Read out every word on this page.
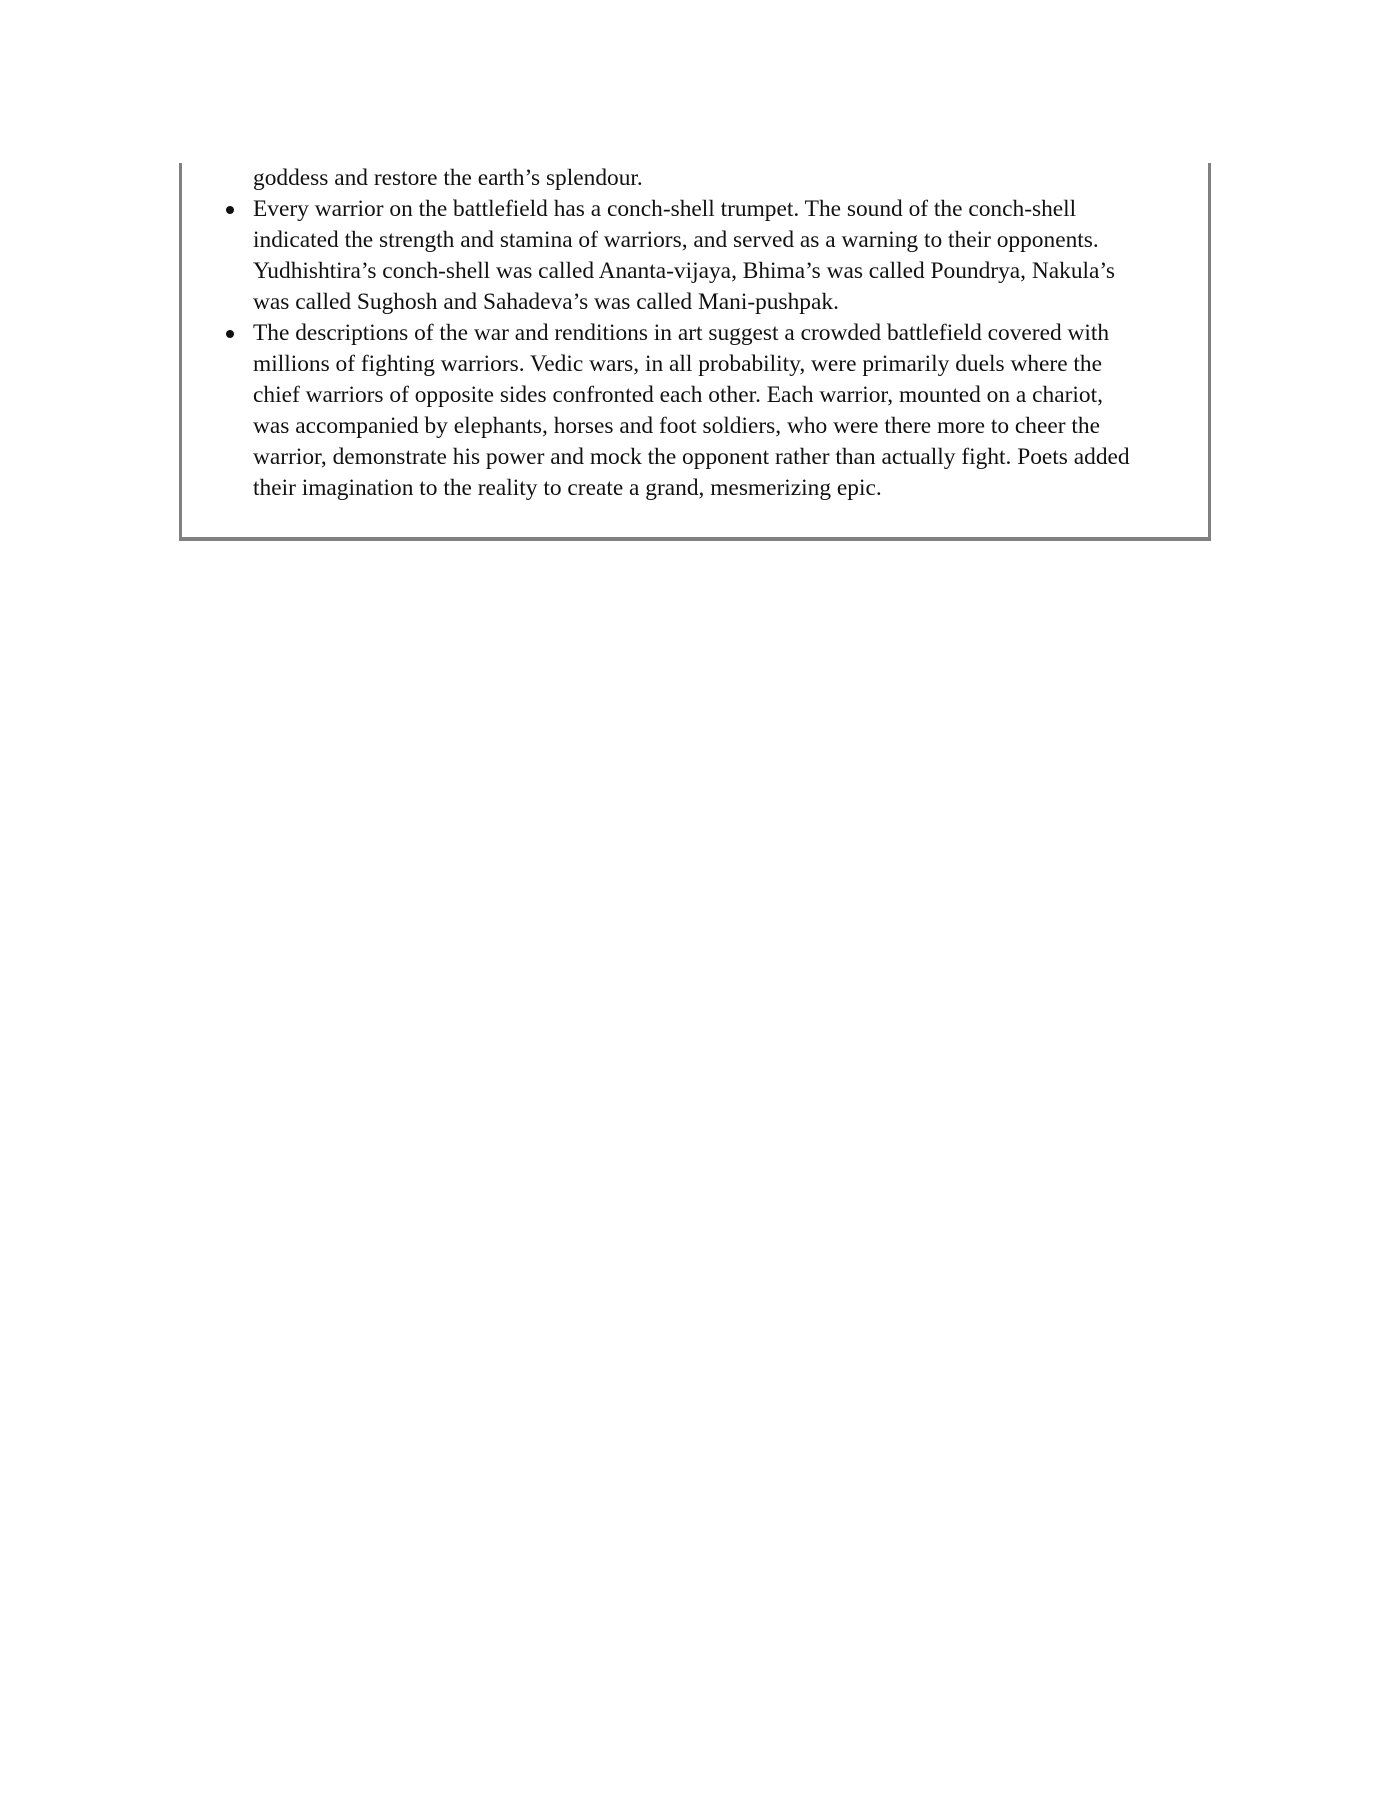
goddess and restore the earth’s splendour.

Every warrior on the battlefield has a conch-shell trumpet. The sound of the conch-shell
indicated the strength and stamina of warriors, and served as a warning to their opponents.
Yudhishtira’s conch-shell was called Ananta-vijaya, Bhima’s was called Poundrya, Nakula’s
was called Sughosh and Sahadeva’s was called Mani-pushpak.
The descriptions of the war and renditions in art suggest a crowded battlefield covered with
millions of fighting warriors. Vedic wars, in all probability, were primarily duels where the
chief warriors of opposite sides confronted each other. Each warrior, mounted on a chariot,
was accompanied by elephants, horses and foot soldiers, who were there more to cheer the
warrior, demonstrate his power and mock the opponent rather than actually fight. Poets added
their imagination to the reality to create a grand, mesmerizing epic.
